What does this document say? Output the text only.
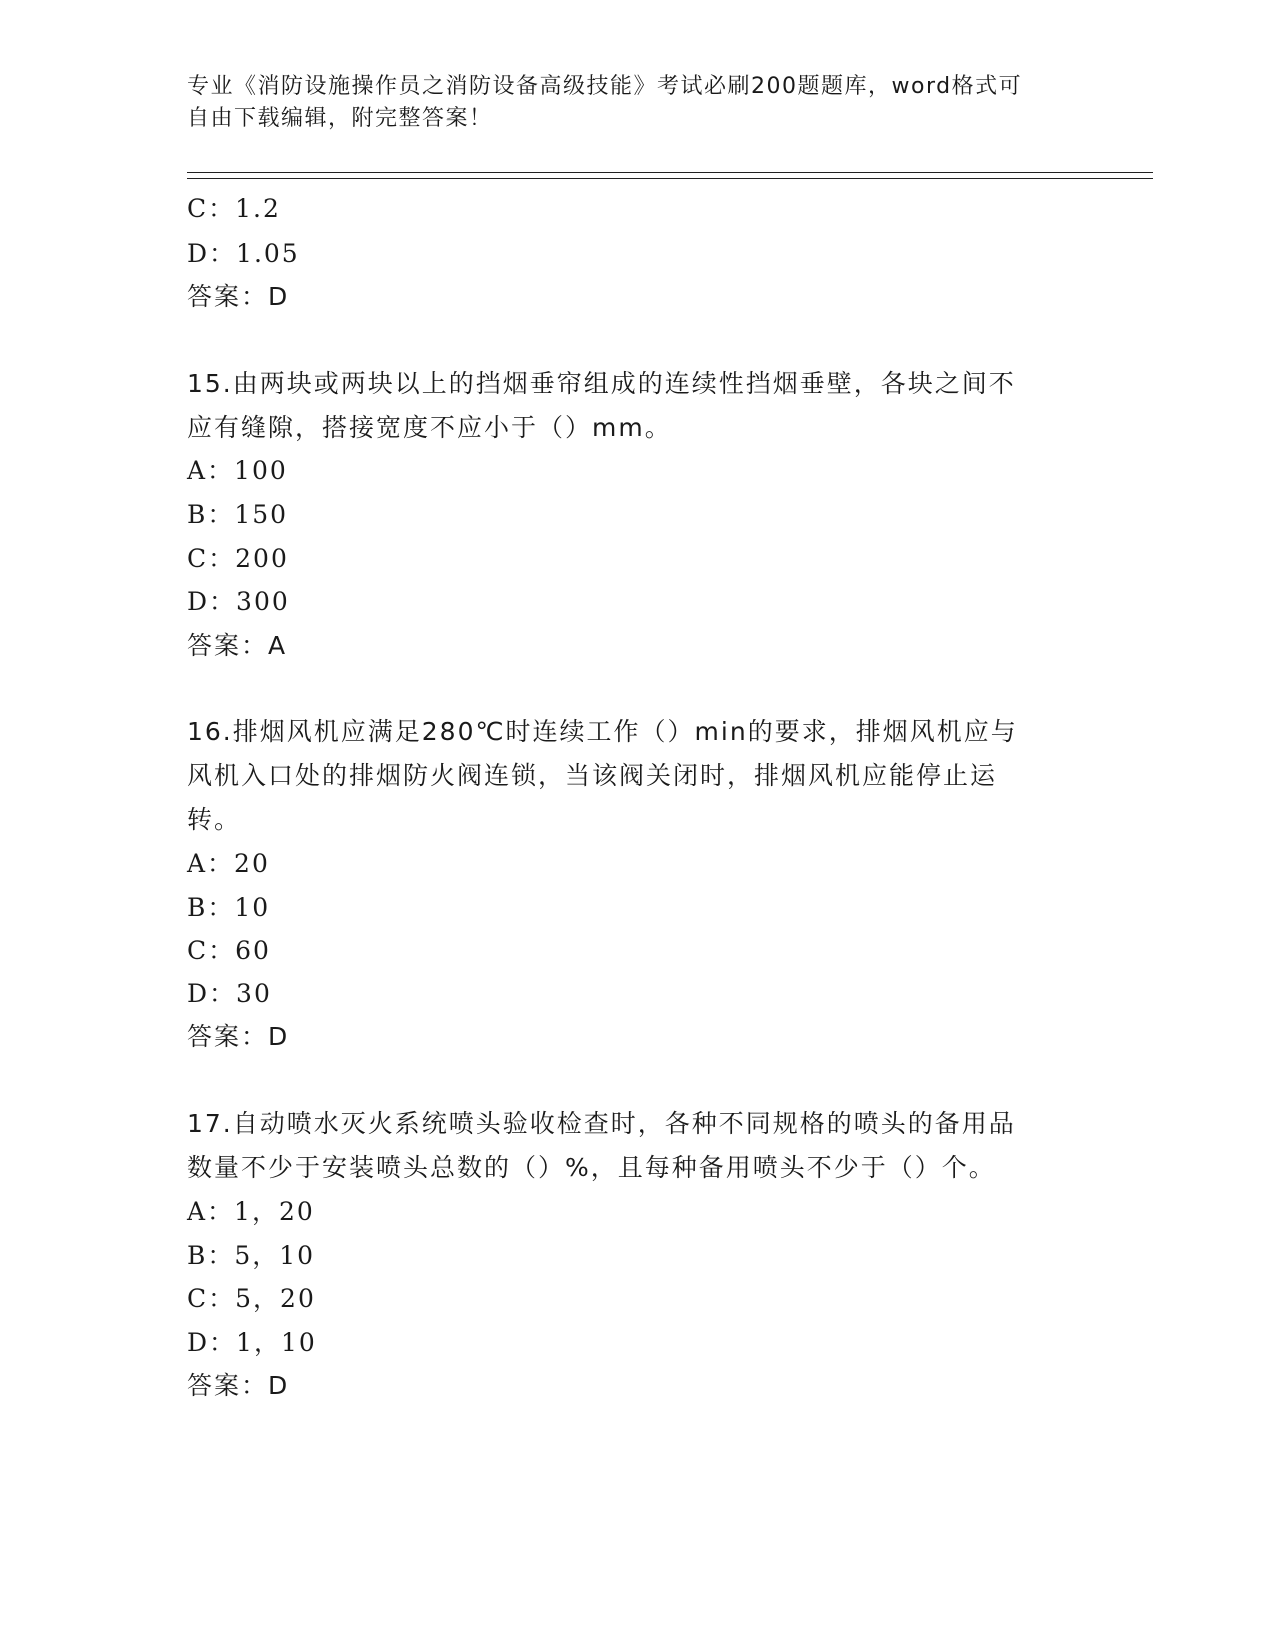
专业《消防设施操作员之消防设备高级技能》考试必刷200题题库，word格式可
自由下载编辑，附完整答案！
C：1.2
D：1.05
答案：D
15.由两块或两块以上的挡烟垂帘组成的连续性挡烟垂壁，各块之间不
应有缝隙，搭接宽度不应小于（）mm。
A：100
B：150
C：200
D：300
答案：A
16.排烟风机应满足280℃时连续工作（）min的要求，排烟风机应与
风机入口处的排烟防火阀连锁，当该阀关闭时，排烟风机应能停止运
转。
A：20
B：10
C：60
D：30
答案：D
17.自动喷水灭火系统喷头验收检查时，各种不同规格的喷头的备用品
数量不少于安装喷头总数的（）%，且每种备用喷头不少于（）个。
A：1，20
B：5，10
C：5，20
D：1，10
答案：D
